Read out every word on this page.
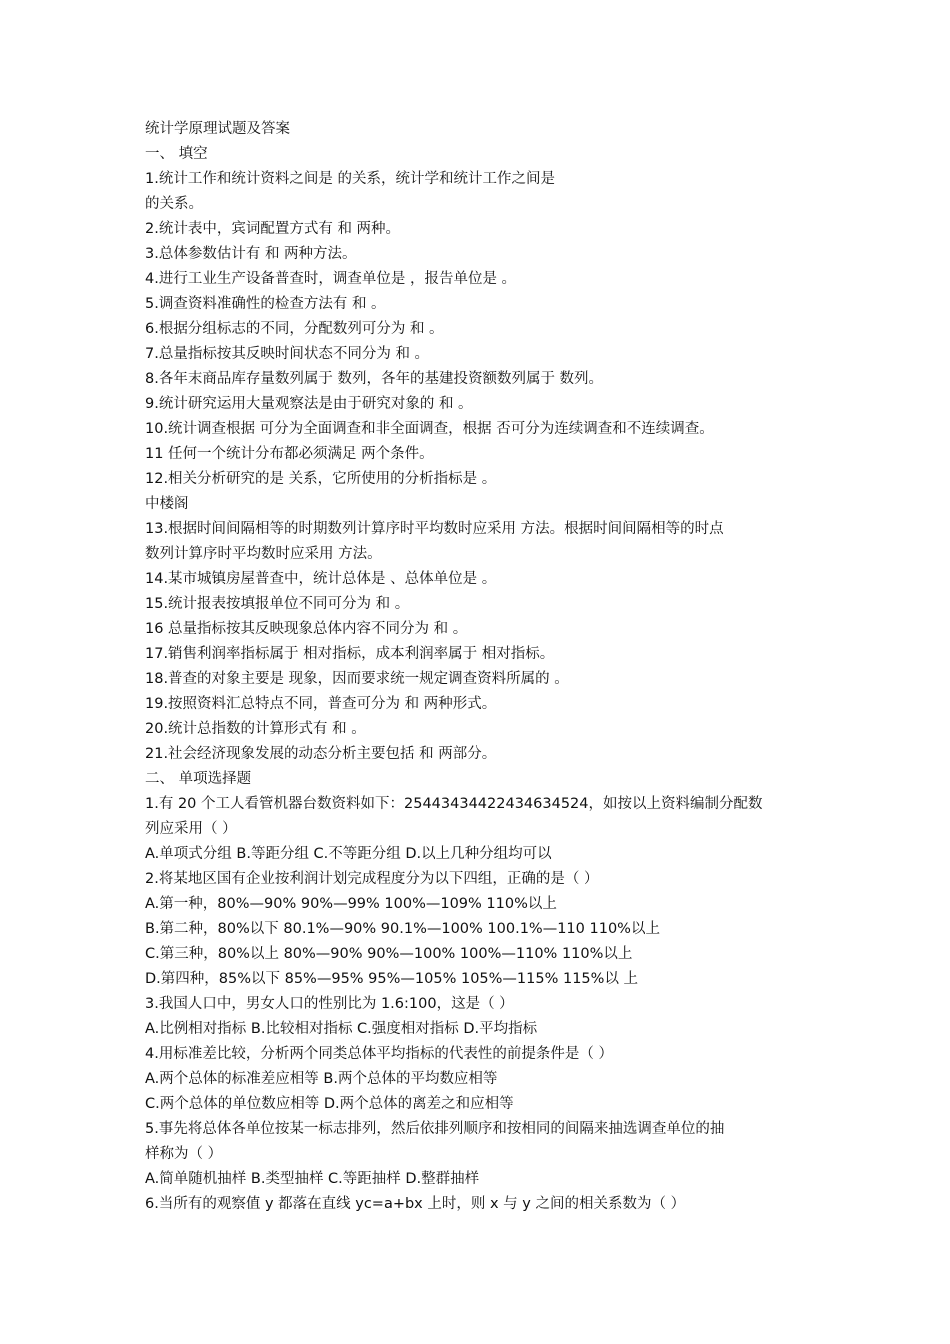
统计学原理试题及答案
一、 填空
1.统计工作和统计资料之间是 的关系，统计学和统计工作之间是
的关系。
2.统计表中，宾词配置方式有 和 两种。
3.总体参数估计有 和 两种方法。
4.进行工业生产设备普查时，调查单位是 ，报告单位是 。
5.调查资料准确性的检查方法有 和 。
6.根据分组标志的不同，分配数列可分为 和 。
7.总量指标按其反映时间状态不同分为 和 。
8.各年末商品库存量数列属于 数列，各年的基建投资额数列属于 数列。
9.统计研究运用大量观察法是由于研究对象的 和 。
10.统计调查根据 可分为全面调查和非全面调查，根据 否可分为连续调查和不连续调查。
11 任何一个统计分布都必须满足 两个条件。
12.相关分析研究的是 关系，它所使用的分析指标是 。
中楼阁
13.根据时间间隔相等的时期数列计算序时平均数时应采用 方法。根据时间间隔相等的时点
数列计算序时平均数时应采用 方法。
14.某市城镇房屋普查中，统计总体是 、总体单位是 。
15.统计报表按填报单位不同可分为 和 。
16 总量指标按其反映现象总体内容不同分为 和 。
17.销售利润率指标属于 相对指标，成本利润率属于 相对指标。
18.普查的对象主要是 现象，因而要求统一规定调查资料所属的 。
19.按照资料汇总特点不同，普查可分为 和 两种形式。
20.统计总指数的计算形式有 和 。
21.社会经济现象发展的动态分析主要包括 和 两部分。
二、 单项选择题
1.有 20 个工人看管机器台数资料如下：25443434422434634524，如按以上资料编制分配数
列应采用（ ）
A.单项式分组 B.等距分组 C.不等距分组 D.以上几种分组均可以
2.将某地区国有企业按利润计划完成程度分为以下四组，正确的是（ ）
A.第一种，80%—90% 90%—99% 100%—109% 110%以上
B.第二种，80%以下 80.1%—90% 90.1%—100% 100.1%—110 110%以上
C.第三种，80%以上 80%—90% 90%—100% 100%—110% 110%以上
D.第四种，85%以下 85%—95% 95%—105% 105%—115% 115%以 上
3.我国人口中，男女人口的性别比为 1.6:100，这是（ ）
A.比例相对指标 B.比较相对指标 C.强度相对指标 D.平均指标
4.用标准差比较，分析两个同类总体平均指标的代表性的前提条件是（ ）
A.两个总体的标准差应相等 B.两个总体的平均数应相等
C.两个总体的单位数应相等 D.两个总体的离差之和应相等
5.事先将总体各单位按某一标志排列，然后依排列顺序和按相同的间隔来抽选调查单位的抽
样称为（ ）
A.简单随机抽样 B.类型抽样 C.等距抽样 D.整群抽样
6.当所有的观察值 y 都落在直线 yc=a+bx 上时，则 x 与 y 之间的相关系数为（ ）
